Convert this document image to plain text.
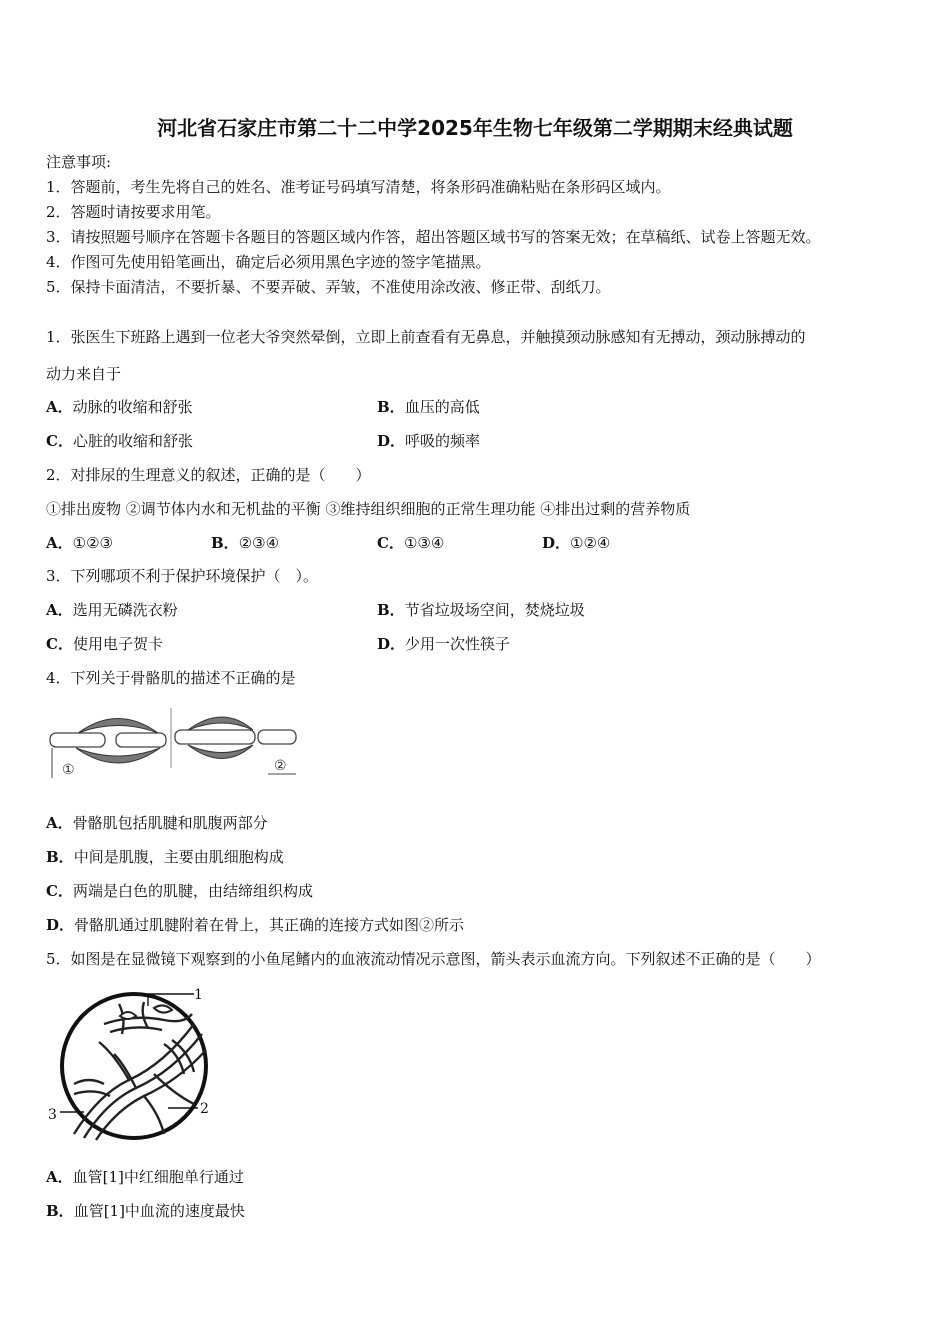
河北省石家庄市第二十二中学2025年生物七年级第二学期期末经典试题
注意事项:
1．答题前，考生先将自己的姓名、准考证号码填写清楚，将条形码准确粘贴在条形码区域内。
2．答题时请按要求用笔。
3．请按照题号顺序在答题卡各题目的答题区域内作答，超出答题区域书写的答案无效；在草稿纸、试卷上答题无效。
4．作图可先使用铅笔画出，确定后必须用黑色字迹的签字笔描黑。
5．保持卡面清洁，不要折暴、不要弄破、弄皱，不准使用涂改液、修正带、刮纸刀。
1．张医生下班路上遇到一位老大爷突然晕倒，立即上前查看有无鼻息，并触摸颈动脉感知有无搏动，颈动脉搏动的
动力来自于
A．动脉的收缩和舒张	B．血压的高低
C．心脏的收缩和舒张	D．呼吸的频率
2．对排尿的生理意义的叙述，正确的是（　　）
①排出废物 ②调节体内水和无机盐的平衡 ③维持组织细胞的正常生理功能 ④排出过剩的营养物质
A．①②③	B．②③④	C．①③④	D．①②④
3．下列哪项不利于保护环境保护（　）。
A．选用无磷洗衣粉	B．节省垃圾场空间，焚烧垃圾
C．使用电子贺卡	D．少用一次性筷子
4．下列关于骨骼肌的描述不正确的是
①	②
A．骨骼肌包括肌腱和肌腹两部分
B．中间是肌腹，主要由肌细胞构成
C．两端是白色的肌腱，由结缔组织构成
D．骨骼肌通过肌腱附着在骨上，其正确的连接方式如图②所示
5．如图是在显微镜下观察到的小鱼尾鳍内的血液流动情况示意图，箭头表示血流方向。下列叙述不正确的是（　　）
1
2
3
A．血管[1]中红细胞单行通过
B．血管[1]中血流的速度最快
